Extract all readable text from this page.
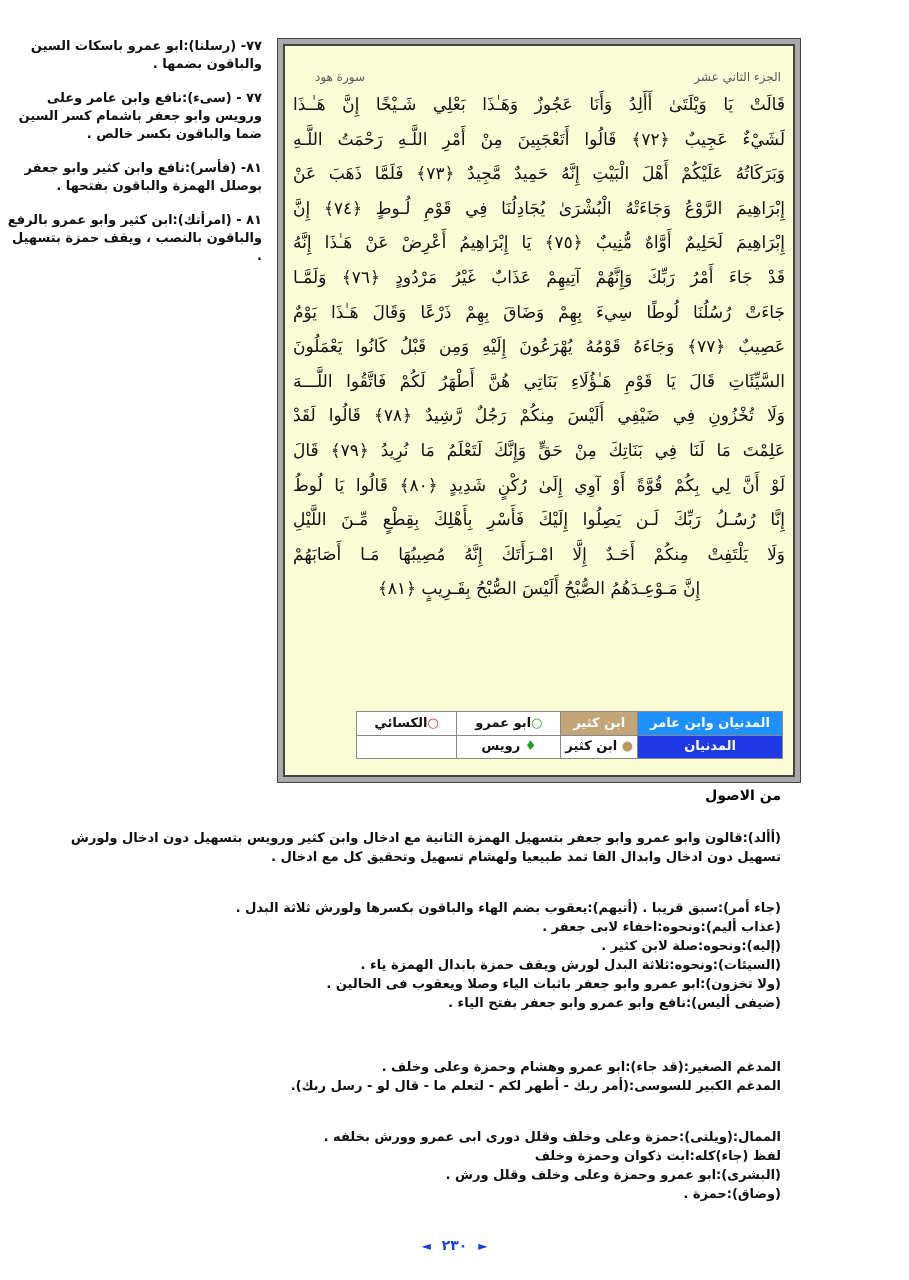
٧٧- (رسلنا):ابو عمرو باسكات السين والباقون بضمها .
٧٧ - (سىء):نافع وابن عامر وعلى ورويس وابو جعفر باشمام كسر السين ضما والباقون بكسر خالص .
٨١- (فأسر):نافع وابن كثير وابو جعفر بوصلل الهمزة والباقون بفتحها .
٨١ - (امرأتك):ابن كثير وابو عمرو بالرفع والباقون بالنصب ، ويقف حمزة بتسهيل .
الجزء الثاني عشر
سورة هود
قَالَتْ يَا وَيْلَتَىٰ أَأَلِدُ وَأَنَا عَجُوزٌ وَهَـٰذَا بَعْلِي شَـيْخًا إِنَّ هَـٰـذَا
لَشَيْءٌ عَجِيبٌ ﴿٧٢﴾ قَالُوا أَتَعْجَبِينَ مِنْ أَمْرِ اللَّـهِ رَحْمَتُ اللَّـهِ
وَبَرَكَاتُهُ عَلَيْكُمْ أَهْلَ الْبَيْتِ إِنَّهُ حَمِيدٌ مَّجِيدٌ ﴿٧٣﴾ فَلَمَّا ذَهَبَ عَنْ
إِبْرَاهِيمَ الرَّوْعُ وَجَاءَتْهُ الْبُشْرَىٰ يُجَادِلُنَا فِي قَوْمِ لُـوطٍ ﴿٧٤﴾ إِنَّ
إِبْرَاهِيمَ لَحَلِيمٌ أَوَّاهٌ مُّنِيبٌ ﴿٧٥﴾ يَا إِبْرَاهِيمُ أَعْرِضْ عَنْ هَـٰذَا إِنَّهُ
قَدْ جَاءَ أَمْرُ رَبِّكَ وَإِنَّهُمْ آتِيهِمْ عَذَابٌ غَيْرُ مَرْدُودٍ ﴿٧٦﴾ وَلَمَّـا
جَاءَتْ رُسُلُنَا لُوطًا سِيءَ بِهِمْ وَضَاقَ بِهِمْ ذَرْعًا وَقَالَ هَـٰذَا يَوْمٌ
عَصِيبٌ ﴿٧٧﴾ وَجَاءَهُ قَوْمُهُ يُهْرَعُونَ إِلَيْهِ وَمِن قَبْلُ كَانُوا يَعْمَلُونَ
السَّيِّئَاتِ قَالَ يَا قَوْمِ هَـٰؤُلَاءِ بَنَاتِي هُنَّ أَطْهَرُ لَكُمْ فَاتَّقُوا اللَّـــهَ
وَلَا تُخْزُونِ فِي ضَيْفِي أَلَيْسَ مِنكُمْ رَجُلٌ رَّشِيدٌ ﴿٧٨﴾ قَالُوا لَقَدْ
عَلِمْتَ مَا لَنَا فِي بَنَاتِكَ مِنْ حَقٍّ وَإِنَّكَ لَتَعْلَمُ مَا نُرِيدُ ﴿٧٩﴾ قَالَ
لَوْ أَنَّ لِي بِكُمْ قُوَّةً أَوْ آوِي إِلَىٰ رُكْنٍ شَدِيدٍ ﴿٨٠﴾ قَالُوا يَا لُوطُ
إِنَّا رُسُـلُ رَبِّكَ لَـن يَصِلُوا إِلَيْكَ فَأَسْرِ بِأَهْلِكَ بِقِطْعٍ مِّـنَ اللَّيْلِ
وَلَا يَلْتَفِتْ مِنكُمْ أَحَـدٌ إِلَّا امْـرَأَتَكَ إِنَّهُ مُصِيبُهَا مَـا أَصَابَهُمْ
إِنَّ مَـوْعِـدَهُمُ الصُّبْحُ أَلَيْسَ الصُّبْحُ بِقَـرِيبٍ ﴿٨١﴾
المدنيان وابن عامر	ابن كثير	○ابو عمرو	○الكسائي
المدنيان	● ابن كثير	♦ رويس	
من الاصول
(أألد):قالون وابو عمرو وابو جعفر بتسهيل الهمزة الثانية مع ادخال وابن كثير ورويس بتسهيل دون ادخال ولورش تسهيل دون ادخال وابدال الفا تمد طبيعيا ولهشام تسهيل وتحقيق كل مع ادخال .
(جاء أمر):سبق قريبا . (أتيهم):يعقوب بضم الهاء والباقون بكسرها ولورش ثلاثة البدل .
(عذاب أليم):ونحوه:اخفاء لابى جعفر .
(إليه):ونحوه:صلة لابن كثير .
(السيئات):ونحوه:ثلاثة البدل لورش ويقف حمزة بابدال الهمزة ياء .
(ولا تخزون):ابو عمرو وابو جعفر باثبات الياء وصلا ويعقوب فى الحالين .
(ضيفى أليس):نافع وابو عمرو وابو جعفر بفتح الياء .
المدغم الصغير:(قد جاء):ابو عمرو وهشام وحمزة وعلى وخلف .
المدغم الكبير للسوسى:(أمر ربك - أطهر لكم - لتعلم ما - قال لو - رسل ربك).
الممال:(ويلتى):حمزة وعلى وخلف وقلل دورى ابى عمرو وورش بخلفه .
لفظ (جاء)كله:ابت ذكوان وحمزة وخلف
(البشرى):ابو عمرو وحمزة وعلى وخلف وقلل ورش .
(وضاق):حمزة .
◄ ٢٣٠ ►
